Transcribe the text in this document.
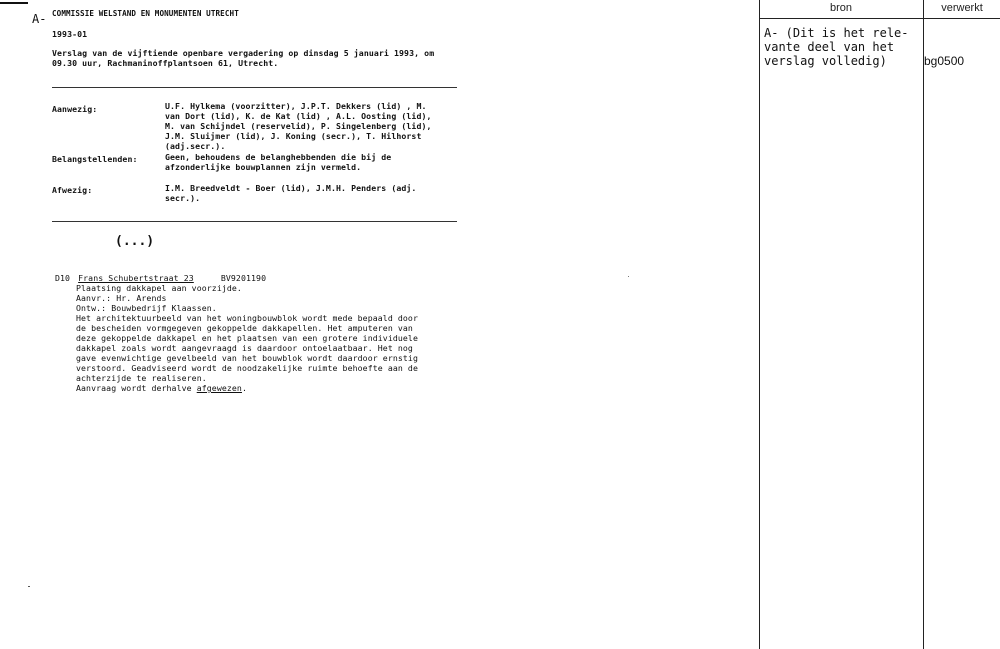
A- COMMISSIE WELSTAND EN MONUMENTEN UTRECHT
1993-01
Verslag van de vijftiende openbare vergadering op dinsdag 5 januari 1993, om
09.30 uur, Rachmaninoffplantsoen 61, Utrecht.
Aanwezig:	U.F. Hylkema (voorzitter), J.P.T. Dekkers (lid) , M.
van Dort (lid), K. de Kat (lid) , A.L. Oosting (lid),
M. van Schijndel (reservelid), P. Singelenberg (lid),
J.M. Sluijmer (lid), J. Koning (secr.), T. Hilhorst
(adj.secr.).
Belangstellenden:	Geen, behoudens de belanghebbenden die bij de
afzonderlijke bouwplannen zijn vermeld.
Afwezig:	I.M. Breedveldt - Boer (lid), J.M.H. Penders (adj.
secr.).
(...)
D10 Frans Schubertstraat 23	BV9201190
Plaatsing dakkapel aan voorzijde.
Aanvr.: Hr. Arends
Ontw.: Bouwbedrijf Klaassen.
Het architektuurbeeld van het woningbouwblok wordt mede bepaald door
de bescheiden vormgegeven gekoppelde dakkapellen. Het amputeren van
deze gekoppelde dakkapel en het plaatsen van een grotere individuele
dakkapel zoals wordt aangevraagd is daardoor ontoelaatbaar. Het nog
gave evenwichtige gevelbeeld van het bouwblok wordt daardoor ernstig
verstoord. Geadviseerd wordt de noodzakelijke ruimte behoefte aan de
achterzijde te realiseren.
Aanvraag wordt derhalve afgewezen.
bron	verwerkt
A- (Dit is het rele-
vante deel van het
verslag volledig)	bg0500
